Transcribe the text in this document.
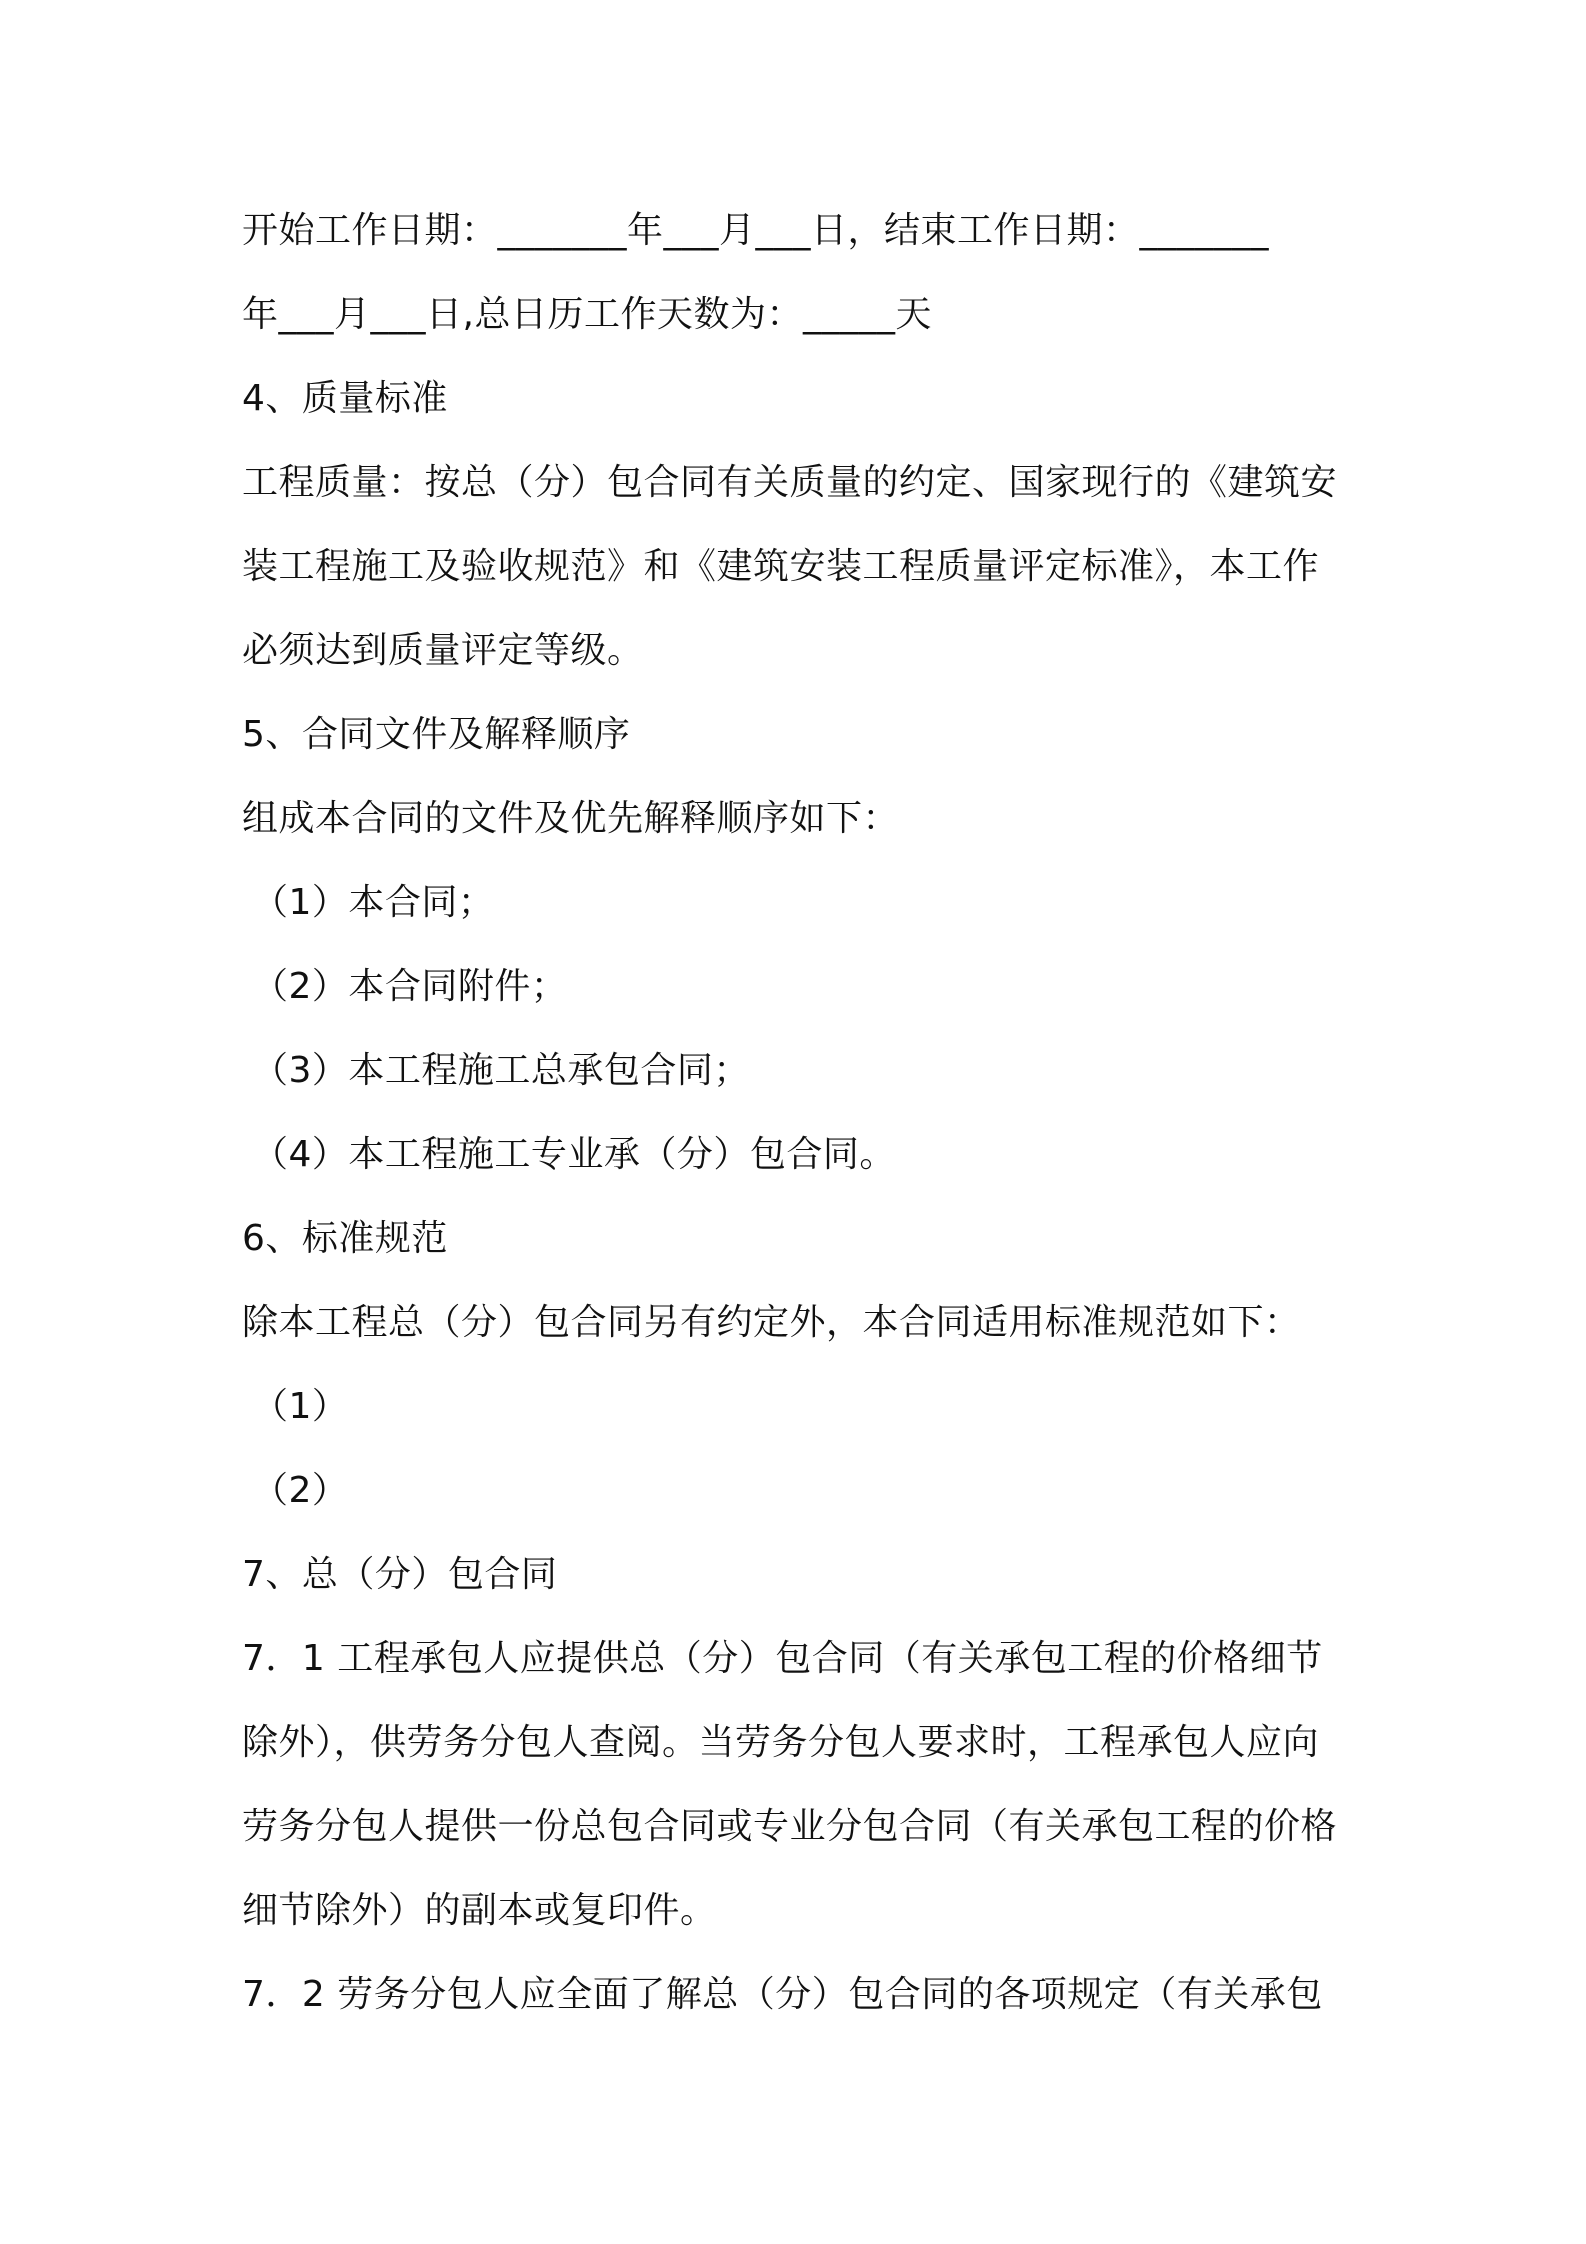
开始工作日期：_______年___月___日，结束工作日期：_______
年___月___日,总日历工作天数为：_____天
4、质量标准
工程质量：按总（分）包合同有关质量的约定、国家现行的《建筑安
装工程施工及验收规范》和《建筑安装工程质量评定标准》，本工作
必须达到质量评定等级。
5、合同文件及解释顺序
组成本合同的文件及优先解释顺序如下：
（1）本合同；
（2）本合同附件；
（3）本工程施工总承包合同；
（4）本工程施工专业承（分）包合同。
6、标准规范
除本工程总（分）包合同另有约定外，本合同适用标准规范如下：
（1）
（2）
7、总（分）包合同
7．1 工程承包人应提供总（分）包合同（有关承包工程的价格细节
除外），供劳务分包人查阅。当劳务分包人要求时，工程承包人应向
劳务分包人提供一份总包合同或专业分包合同（有关承包工程的价格
细节除外）的副本或复印件。
7．2 劳务分包人应全面了解总（分）包合同的各项规定（有关承包
